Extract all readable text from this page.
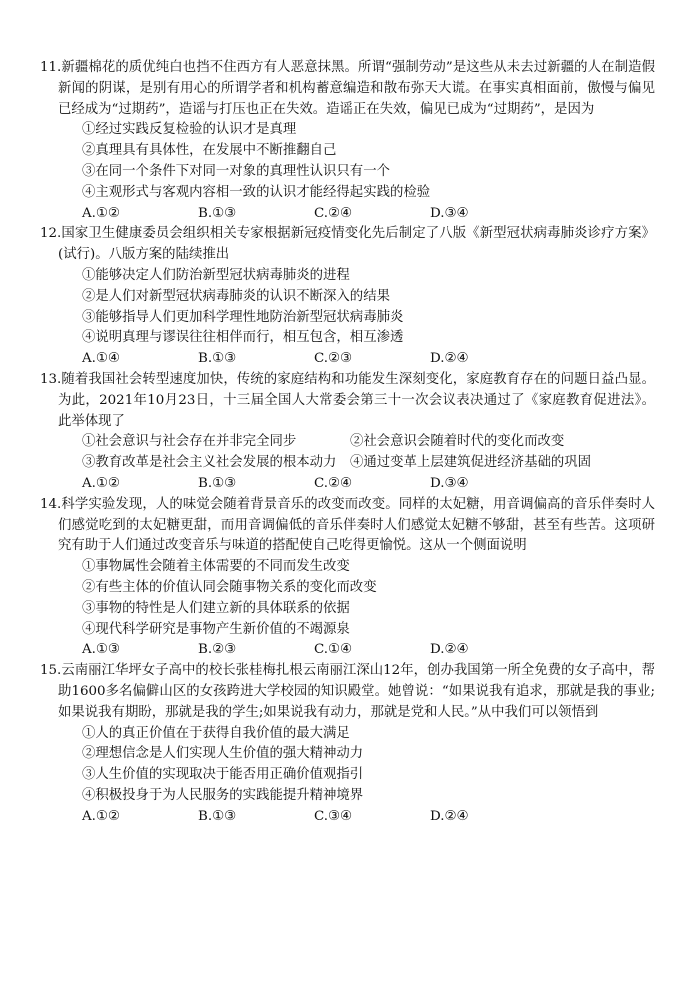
11.新疆棉花的质优纯白也挡不住西方有人恶意抹黑。所谓“强制劳动”是这些从未去过新疆的人在制造假新闻的阴谋，是别有用心的所谓学者和机构蓄意编造和散布弥天大谎。在事实真相面前，傲慢与偏见已经成为“过期药”，造谣与打压也正在失效。造谣正在失效，偏见已成为“过期药”，是因为
①经过实践反复检验的认识才是真理
②真理具有具体性，在发展中不断推翻自己
③在同一个条件下对同一对象的真理性认识只有一个
④主观形式与客观内容相一致的认识才能经得起实践的检验
A.①②	B.①③	C.②④	D.③④
12.国家卫生健康委员会组织相关专家根据新冠疫情变化先后制定了八版《新型冠状病毒肺炎诊疗方案》(试行)。八版方案的陆续推出
①能够决定人们防治新型冠状病毒肺炎的进程
②是人们对新型冠状病毒肺炎的认识不断深入的结果
③能够指导人们更加科学理性地防治新型冠状病毒肺炎
④说明真理与谬误往往相伴而行，相互包含，相互渗透
A.①④	B.①③	C.②③	D.②④
13.随着我国社会转型速度加快，传统的家庭结构和功能发生深刻变化，家庭教育存在的问题日益凸显。为此，2021年10月23日，十三届全国人大常委会第三十一次会议表决通过了《家庭教育促进法》。此举体现了
①社会意识与社会存在并非完全同步	②社会意识会随着时代的变化而改变
③教育改革是社会主义社会发展的根本动力	④通过变革上层建筑促进经济基础的巩固
A.①②	B.①③	C.②④	D.③④
14.科学实验发现，人的味觉会随着背景音乐的改变而改变。同样的太妃糖，用音调偏高的音乐伴奏时人们感觉吃到的太妃糖更甜，而用音调偏低的音乐伴奏时人们感觉太妃糖不够甜，甚至有些苦。这项研究有助于人们通过改变音乐与味道的搭配使自己吃得更愉悦。这从一个侧面说明
①事物属性会随着主体需要的不同而发生改变
②有些主体的价值认同会随事物关系的变化而改变
③事物的特性是人们建立新的具体联系的依据
④现代科学研究是事物产生新价值的不竭源泉
A.①③	B.②③	C.①④	D.②④
15.云南丽江华坪女子高中的校长张桂梅扎根云南丽江深山12年，创办我国第一所全免费的女子高中，帮助1600多名偏僻山区的女孩跨进大学校园的知识殿堂。她曾说：“如果说我有追求，那就是我的事业;如果说我有期盼，那就是我的学生;如果说我有动力，那就是党和人民。”从中我们可以领悟到
①人的真正价值在于获得自我价值的最大满足
②理想信念是人们实现人生价值的强大精神动力
③人生价值的实现取决于能否用正确价值观指引
④积极投身于为人民服务的实践能提升精神境界
A.①②	B.①③	C.③④	D.②④
